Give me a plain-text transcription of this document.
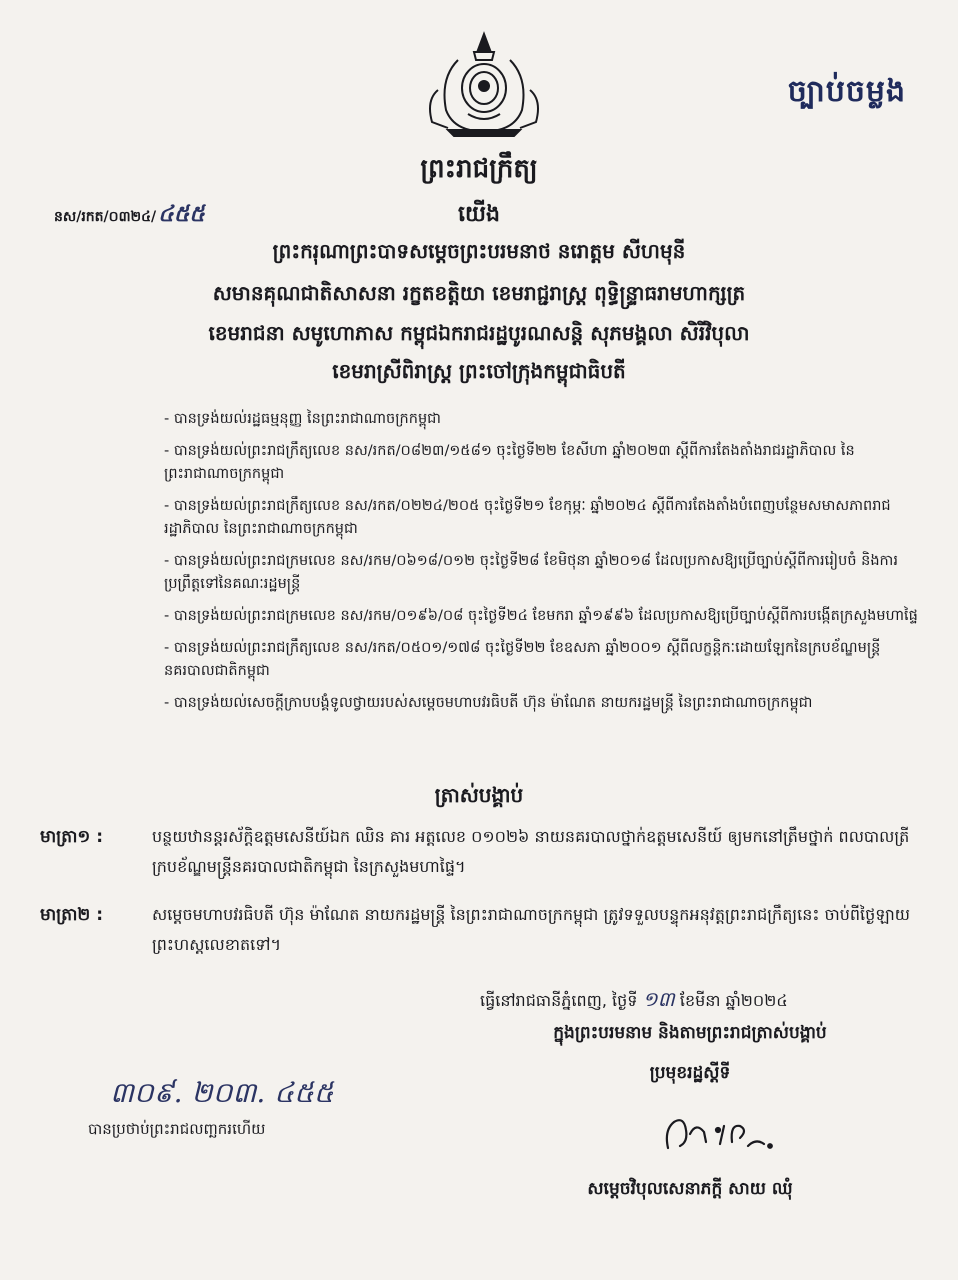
ច្បាប់ចម្លង
ព្រះរាជក្រឹត្យ
នស/រកត/០៣២៤/៤៥៥	យើង
ព្រះករុណាព្រះបាទសម្តេចព្រះបរមនាថ នរោត្តម សីហមុនី
សមានគុណជាតិសាសនា រក្ខតខត្តិយា ខេមរាជ្ជរាស្ត្រ ពុទ្ធិន្ទ្រាធរាមហាក្សត្រ
ខេមរាជនា សមូហោភាស កម្ពុជឯករាជរដ្ឋបូរណសន្តិ សុភមង្គលា សិរីវិបុលា
ខេមរាស្រីពិរាស្ត្រ ព្រះចៅក្រុងកម្ពុជាធិបតី
- បានទ្រង់យល់រដ្ឋធម្មនុញ្ញ នៃព្រះរាជាណាចក្រកម្ពុជា
- បានទ្រង់យល់ព្រះរាជក្រឹត្យលេខ នស/រកត/០៨២៣/១៥៨១ ចុះថ្ងៃទី២២ ខែសីហា ឆ្នាំ២០២៣ ស្តីពីការតែងតាំងរាជរដ្ឋាភិបាល នៃព្រះរាជាណាចក្រកម្ពុជា
- បានទ្រង់យល់ព្រះរាជក្រឹត្យលេខ នស/រកត/០២២៤/២០៥ ចុះថ្ងៃទី២១ ខែកុម្ភៈ ឆ្នាំ២០២៤ ស្តីពីការតែងតាំងបំពេញបន្ថែមសមាសភាពរាជរដ្ឋាភិបាល នៃព្រះរាជាណាចក្រកម្ពុជា
- បានទ្រង់យល់ព្រះរាជក្រមលេខ នស/រកម/០៦១៨/០១២ ចុះថ្ងៃទី២៨ ខែមិថុនា ឆ្នាំ២០១៨ ដែលប្រកាសឱ្យប្រើច្បាប់ស្តីពីការរៀបចំ និងការប្រព្រឹត្តទៅនៃគណៈរដ្ឋមន្ត្រី
- បានទ្រង់យល់ព្រះរាជក្រមលេខ នស/រកម/០១៩៦/០៨ ចុះថ្ងៃទី២៤ ខែមករា ឆ្នាំ១៩៩៦ ដែលប្រកាសឱ្យប្រើច្បាប់ស្តីពីការបង្កើតក្រសួងមហាផ្ទៃ
- បានទ្រង់យល់ព្រះរាជក្រឹត្យលេខ នស/រកត/០៥០១/១៧៨ ចុះថ្ងៃទី២២ ខែឧសភា ឆ្នាំ២០០១ ស្តីពីលក្ខន្តិកៈដោយឡែកនៃក្របខ័ណ្ឌមន្ត្រីនគរបាលជាតិកម្ពុជា
- បានទ្រង់យល់សេចក្តីក្រាបបង្គំទូលថ្វាយរបស់សម្តេចមហាបវរធិបតី ហ៊ុន ម៉ាណែត នាយករដ្ឋមន្ត្រី នៃព្រះរាជាណាចក្រកម្ពុជា
ត្រាស់បង្គាប់
មាត្រា១ :	បន្ថយឋានន្តរស័ក្តិឧត្តមសេនីយ៍ឯក ឈិន គារ អត្តលេខ ០១០២៦ នាយនគរបាលថ្នាក់ឧត្តមសេនីយ៍ ឲ្យមកនៅត្រឹមថ្នាក់ ពលបាលត្រី ក្របខ័ណ្ឌមន្ត្រីនគរបាលជាតិកម្ពុជា នៃក្រសួងមហាផ្ទៃ។
មាត្រា២ :	សម្តេចមហាបវរធិបតី ហ៊ុន ម៉ាណែត នាយករដ្ឋមន្ត្រី នៃព្រះរាជាណាចក្រកម្ពុជា ត្រូវទទួលបន្ទុកអនុវត្តព្រះរាជក្រឹត្យនេះ ចាប់ពីថ្ងៃឡាយព្រះហស្តលេខាតទៅ។
ធ្វើនៅរាជធានីភ្នំពេញ, ថ្ងៃទី ១៣ ខែមីនា ឆ្នាំ២០២៤
ក្នុងព្រះបរមនាម និងតាមព្រះរាជត្រាស់បង្គាប់
ប្រមុខរដ្ឋស្តីទី
សម្តេចវិបុលសេនាភក្តី សាយ ឈុំ
៣០៩. ២០៣. ៤៥៥
បានប្រថាប់ព្រះរាជលញ្ឆករហើយ
